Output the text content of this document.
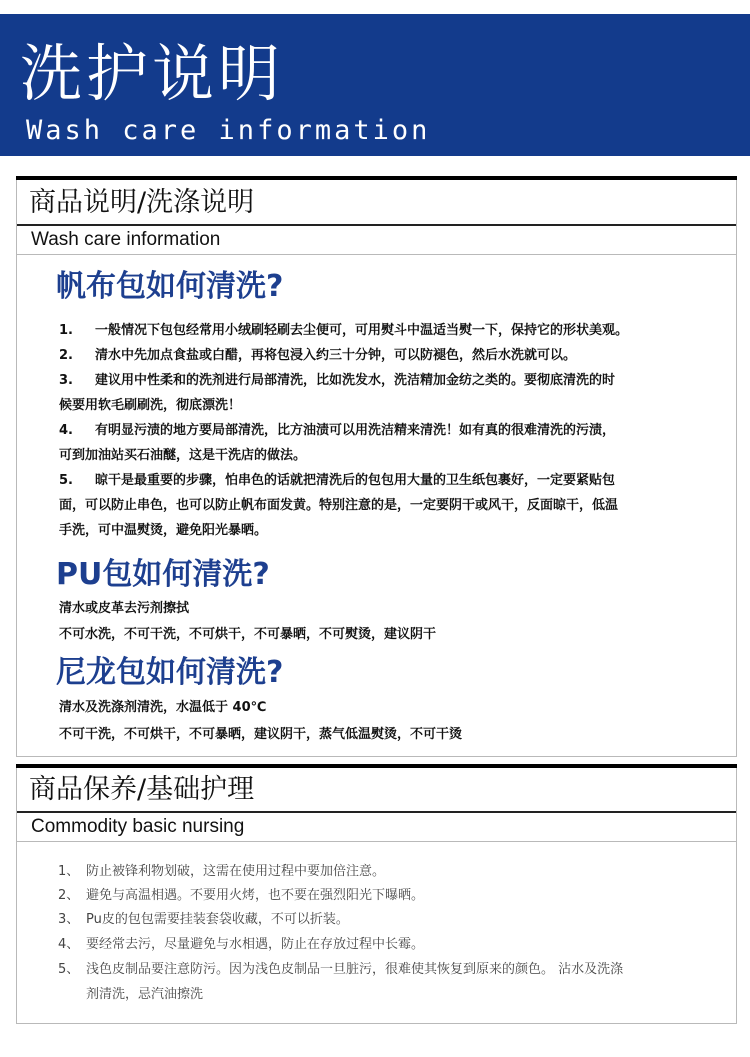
洗护说明
Wash care information
商品说明/洗涤说明
Wash care information
帆布包如何清洗?
1. 一般情况下包包经常用小绒刷轻刷去尘便可，可用熨斗中温适当熨一下，保持它的形状美观。
2. 清水中先加点食盐或白醋，再将包浸入约三十分钟，可以防褪色，然后水洗就可以。
3. 建议用中性柔和的洗剂进行局部清洗，比如洗发水，洗洁精加金纺之类的。要彻底清洗的时
候要用软毛刷刷洗，彻底漂洗！
4. 有明显污渍的地方要局部清洗，比方油渍可以用洗洁精来清洗！如有真的很难清洗的污渍，
可到加油站买石油醚，这是干洗店的做法。
5. 晾干是最重要的步骤，怕串色的话就把清洗后的包包用大量的卫生纸包裹好，一定要紧贴包
面，可以防止串色，也可以防止帆布面发黄。特别注意的是，一定要阴干或风干，反面晾干，低温
手洗，可中温熨烫，避免阳光暴晒。
PU包如何清洗?
清水或皮革去污剂擦拭
不可水洗，不可干洗，不可烘干，不可暴晒，不可熨烫，建议阴干
尼龙包如何清洗?
清水及洗涤剂清洗，水温低于 40℃
不可干洗，不可烘干，不可暴晒，建议阴干，蒸气低温熨烫，不可干烫
商品保养/基础护理
Commodity basic nursing
1、 防止被锋利物划破，这需在使用过程中要加倍注意。
2、 避免与高温相遇。不要用火烤，也不要在强烈阳光下曝晒。
3、 Pu皮的包包需要挂装套袋收藏，不可以折装。
4、 要经常去污，尽量避免与水相遇，防止在存放过程中长霉。
5、 浅色皮制品要注意防污。因为浅色皮制品一旦脏污，很难使其恢复到原来的颜色。 沾水及洗涤
剂清洗，忌汽油擦洗
